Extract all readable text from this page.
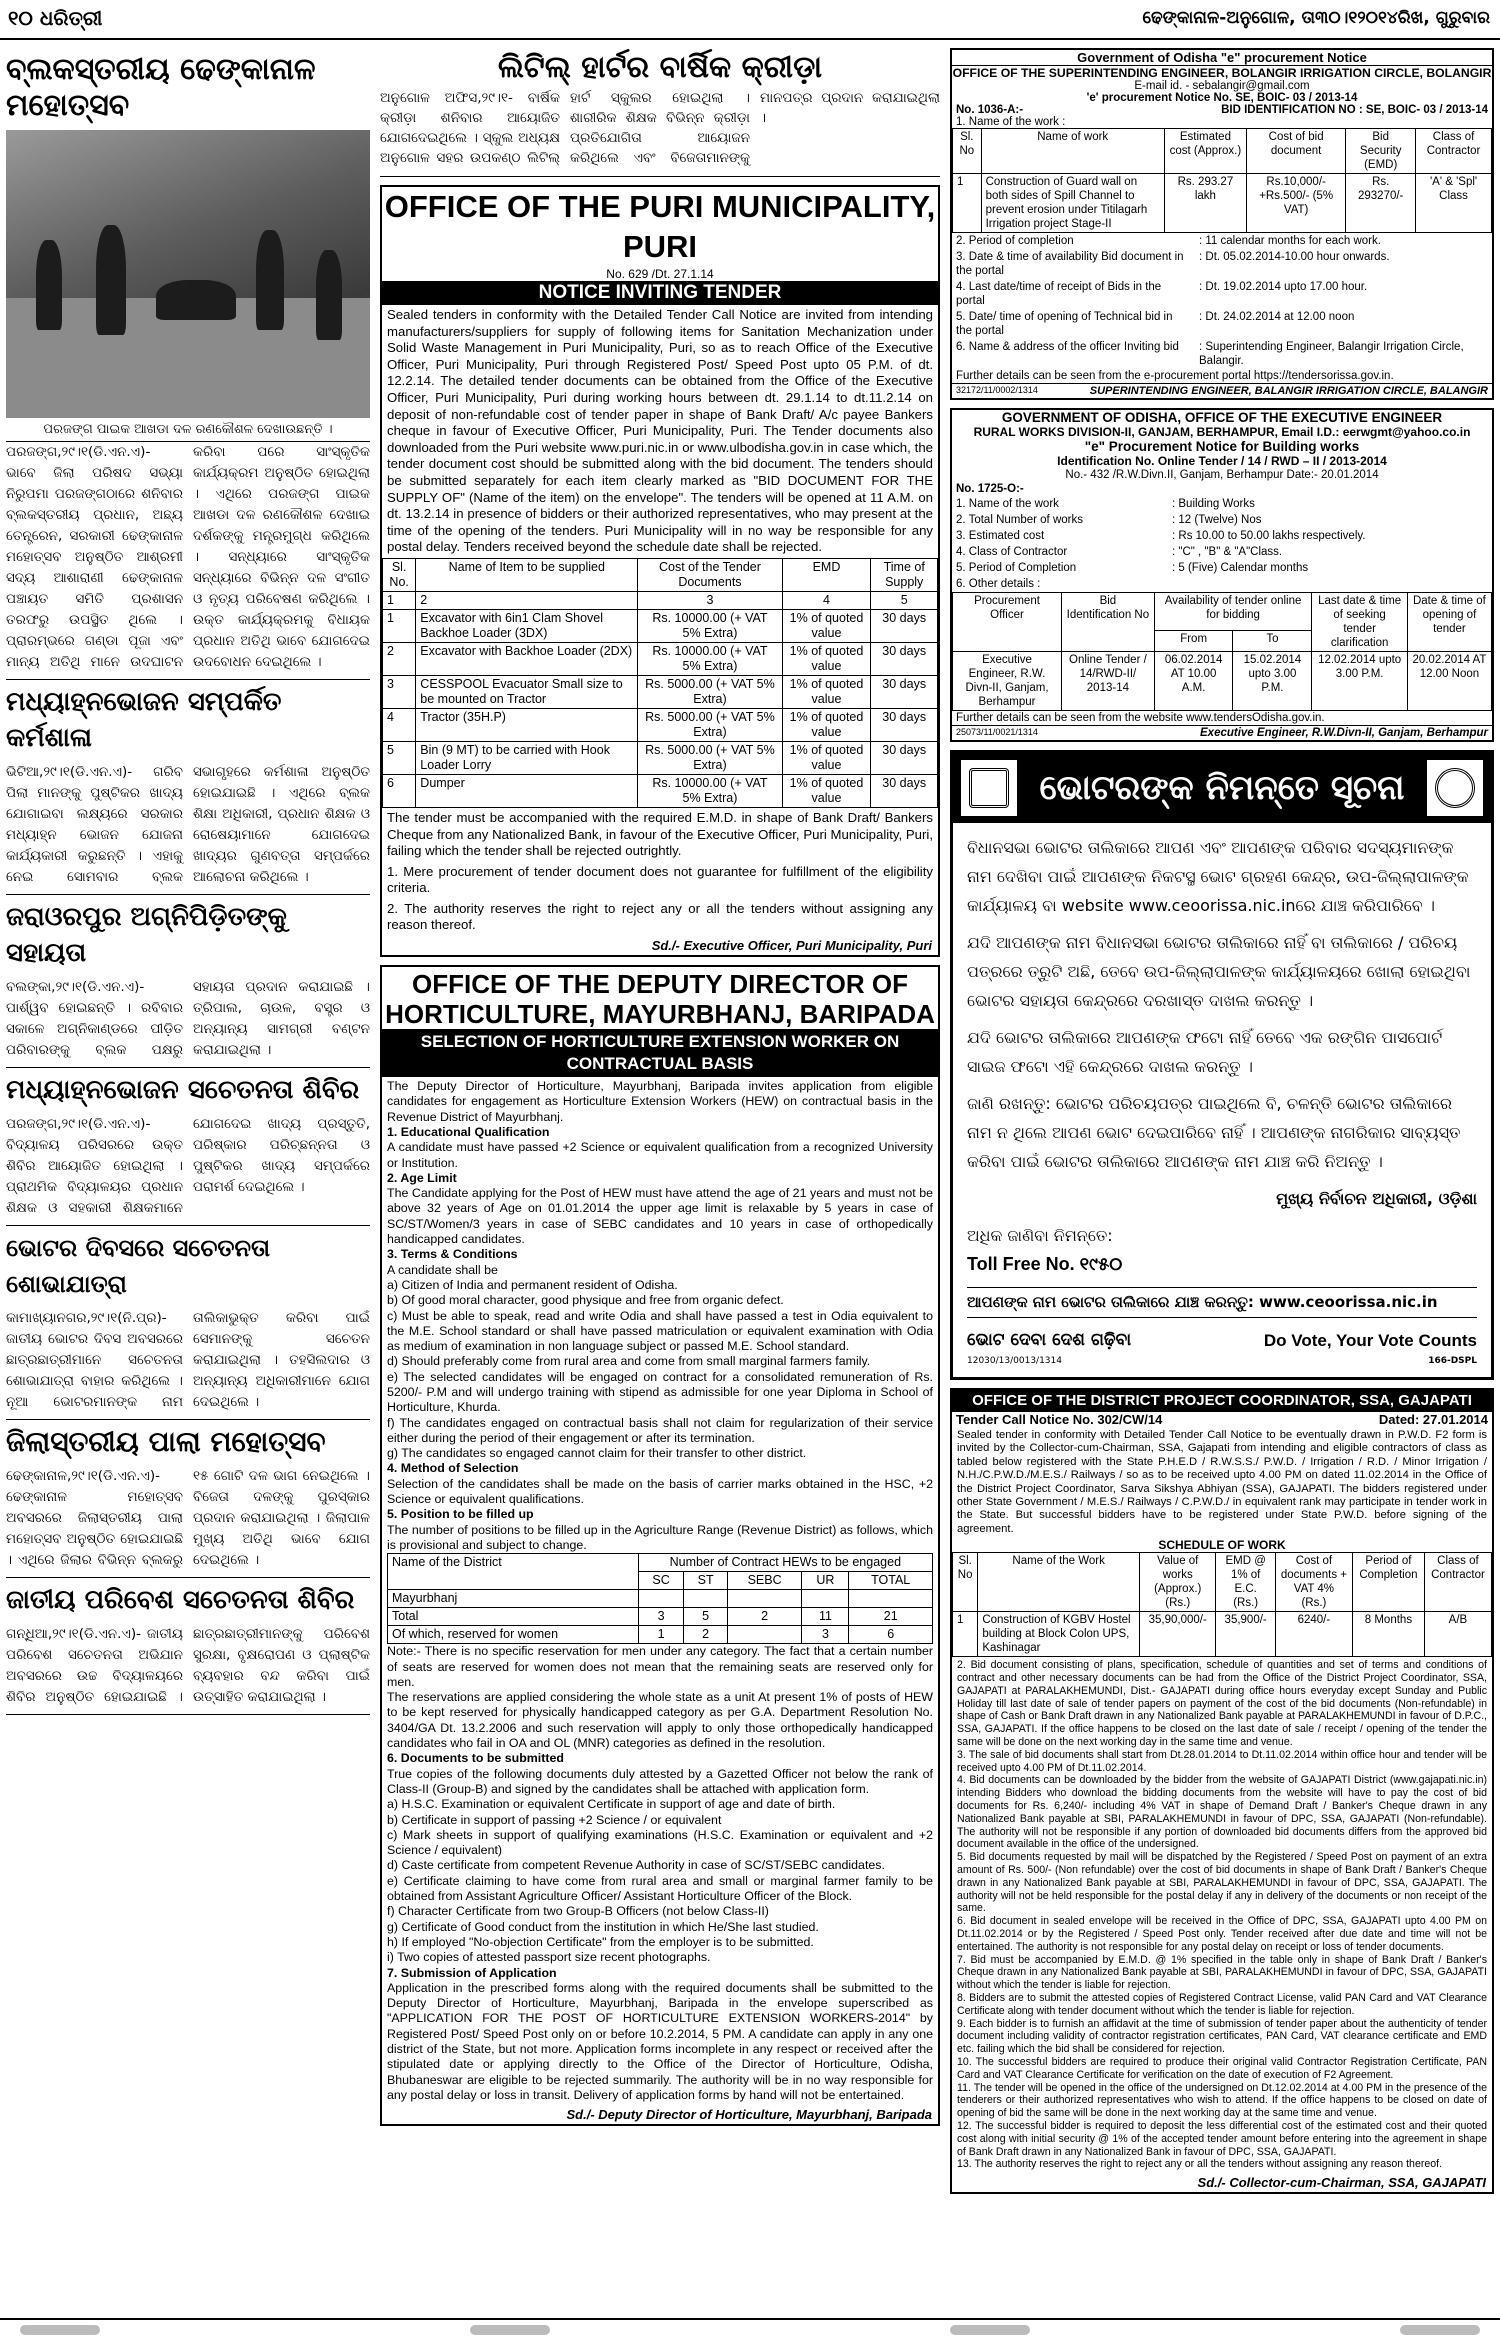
୧୦ ଧରିତ୍ରୀ	ଢେଙ୍କାନାଳ-ଅନୁଗୋଳ, ତା୩୦।୧୨୦୧୪ରିଖ, ଗୁରୁବାର
ବ୍ଲକସ୍ତରୀୟ ଢେଙ୍କାନାଳ ମହୋତ୍ସବ
ପରଜଙ୍ଗ ପାଇକ ଆଖଡା ଦଳ ରଣକୌଶଳ ଦେଖାଉଛନ୍ତି ।
ପରଜଙ୍ଗ,୨୯।୧(ଡି.ଏନ.ଏ)- ଭାବେ ଜିଲା ପରିଷଦ ସଭ୍ୟା ନିରୁପମା ପରଜଙ୍ଗଠାରେ ଶନିବାର ବ୍ଲକସ୍ତରୀୟ ପ୍ରଧାନ, ଅଛ୍ୟ ତେନ୍ତ୍ରେନ, ସରକାରୀ ଢେଙ୍କାନାଳ ମହୋତ୍ସବ ଅନୁଷ୍ଠିତ ଆଶ୍ରମୀ ସଦ୍ୟ ଆଶାରାଣୀ ଢେଙ୍କାନାଳ ପଞ୍ଚାୟତ ସମିତି ପ୍ରଶାସନ ତରଫରୁ ଉପସ୍ଥିତ ଥିଲେ । ପ୍ରାରମ୍ଭରେ ଗଣ୍ଡା ପୂଜା ଏବଂ ମାନ୍ୟ ଅତିଥି ମାନେ ଉଦଘାଟନ କରିବା ପରେ ସାଂସ୍କୃତିକ କାର୍ଯ୍ୟକ୍ରମ ଅନୁଷ୍ଠିତ ହୋଇଥିଲା । ଏଥିରେ ପରଜଙ୍ଗ ପାଇକ ଆଖଡା ଦଳ ରଣକୌଶଳ ଦେଖାଇ ଦର୍ଶକଙ୍କୁ ମନ୍ତ୍ରମୁଗ୍ଧ କରିଥିଲେ । ସନ୍ଧ୍ୟାରେ ସାଂସ୍କୃତିକ ସନ୍ଧ୍ୟାରେ ବିଭିନ୍ନ ଦଳ ସଂଗୀତ ଓ ନୃତ୍ୟ ପରିବେଷଣ କରିଥିଲେ । ଉକ୍ତ କାର୍ଯ୍ୟକ୍ରମକୁ ବିଧାୟକ ପ୍ରଧାନ ଅତିଥି ଭାବେ ଯୋଗଦେଇ ଉଦବୋଧନ ଦେଇଥିଲେ ।
ମଧ୍ୟାହ୍ନଭୋଜନ ସମ୍ପର୍କିତ କର୍ମଶାଳା
ଭିଟିଆ,୨୯।୧(ଡି.ଏନ.ଏ)- ଗରିବ ପିଲା ମାନଙ୍କୁ ପୁଷ୍ଟିକର ଖାଦ୍ୟ ଯୋଗାଇବା ଲକ୍ଷ୍ୟରେ ସରକାର ମଧ୍ୟାହ୍ନ ଭୋଜନ ଯୋଜନା କାର୍ଯ୍ୟକାରୀ କରୁଛନ୍ତି । ଏହାକୁ ନେଇ ସୋମବାର ବ୍ଲକ ସଭାଗୃହରେ କର୍ମଶାଳା ଅନୁଷ୍ଠିତ ହୋଇଯାଇଛି । ଏଥିରେ ବ୍ଲକ ଶିକ୍ଷା ଅଧିକାରୀ, ପ୍ରଧାନ ଶିକ୍ଷକ ଓ ରୋଷେୟାମାନେ ଯୋଗଦେଇ ଖାଦ୍ୟର ଗୁଣବତ୍ତା ସମ୍ପର୍କରେ ଆଲୋଚନା କରିଥିଲେ ।
ଜରାଓରପୁର ଅଗ୍ନିପିଡ଼ିତଙ୍କୁ ସହାୟତା
ବଲଙ୍କା,୨୯।୧(ଡି.ଏନ.ଏ)- ପାର୍ଶ୍ୱବ ହୋଇଛନ୍ତି । ରବିବାର ସକାଳେ ଅଗ୍ନିକାଣ୍ଡରେ ପୀଡ଼ିତ ପରିବାରଙ୍କୁ ବ୍ଲକ ପକ୍ଷରୁ ସହାୟତା ପ୍ରଦାନ କରାଯାଇଛି । ତ୍ରିପାଲ, ଚାଉଳ, ବସ୍ତ୍ର ଓ ଅନ୍ୟାନ୍ୟ ସାମଗ୍ରୀ ବଣ୍ଟନ କରାଯାଇଥିଲା ।
ମଧ୍ୟାହ୍ନଭୋଜନ ସଚେତନତା ଶିବିର
ପରଜଙ୍ଗ,୨୯।୧(ଡି.ଏନ.ଏ)- ବିଦ୍ୟାଳୟ ପରିସରରେ ଉକ୍ତ ଶିବିର ଆୟୋଜିତ ହୋଇଥିଲା । ପ୍ରାଥମିକ ବିଦ୍ୟାଳୟର ପ୍ରଧାନ ଶିକ୍ଷକ ଓ ସହକାରୀ ଶିକ୍ଷକମାନେ ଯୋଗଦେଇ ଖାଦ୍ୟ ପ୍ରସ୍ତୁତି, ପରିଷ୍କାର ପରିଚ୍ଛନ୍ନତା ଓ ପୁଷ୍ଟିକର ଖାଦ୍ୟ ସମ୍ପର୍କରେ ପରାମର୍ଶ ଦେଇଥିଲେ ।
ଭୋଟର ଦିବସରେ ସଚେତନତା ଶୋଭାଯାତ୍ରା
କାମାଖ୍ୟାନଗର,୨୯।୧(ନି.ପ୍ର)- ଜାତୀୟ ଭୋଟର ଦିବସ ଅବସରରେ ଛାତ୍ରଛାତ୍ରୀମାନେ ସଚେତନତା ଶୋଭାଯାତ୍ରା ବାହାର କରିଥିଲେ । ନୂଆ ଭୋଟରମାନଙ୍କ ନାମ ତାଲିକାଭୁକ୍ତ କରିବା ପାଇଁ ସେମାନଙ୍କୁ ସଚେତନ କରାଯାଇଥିଲା । ତହସିଲଦାର ଓ ଅନ୍ୟାନ୍ୟ ଅଧିକାରୀମାନେ ଯୋଗ ଦେଇଥିଲେ ।
ଜିଲାସ୍ତରୀୟ ପାଲା ମହୋତ୍ସବ
ଢେଙ୍କାନାଳ,୨୯।୧(ଡି.ଏନ.ଏ)- ଢେଙ୍କାନାଳ ମହୋତ୍ସବ ଅବସରରେ ଜିଲାସ୍ତରୀୟ ପାଲା ମହୋତ୍ସବ ଅନୁଷ୍ଠିତ ହୋଇଯାଇଛି । ଏଥିରେ ଜିଲାର ବିଭିନ୍ନ ବ୍ଲକରୁ ୧୫ ଗୋଟି ଦଳ ଭାଗ ନେଇଥିଲେ । ବିଜେତା ଦଳଙ୍କୁ ପୁରସ୍କାର ପ୍ରଦାନ କରାଯାଇଥିଲା । ଜିଲାପାଳ ମୁଖ୍ୟ ଅତିଥି ଭାବେ ଯୋଗ ଦେଇଥିଲେ ।
ଜାତୀୟ ପରିବେଶ ସଚେତନତା ଶିବିର
ଗନ୍ଧିଆ,୨୯।୧(ଡି.ଏନ.ଏ)- ଜାତୀୟ ପରିବେଶ ସଚେତନତା ଅଭିଯାନ ଅବସରରେ ଉଚ୍ଚ ବିଦ୍ୟାଳୟରେ ଶିବିର ଅନୁଷ୍ଠିତ ହୋଇଯାଇଛି । ଛାତ୍ରଛାତ୍ରୀମାନଙ୍କୁ ପରିବେଶ ସୁରକ୍ଷା, ବୃକ୍ଷରୋପଣ ଓ ପ୍ଲାଷ୍ଟିକ ବ୍ୟବହାର ବନ୍ଦ କରିବା ପାଇଁ ଉତ୍ସାହିତ କରାଯାଇଥିଲା ।
ଲିଟିଲ୍ ହାର୍ଟର ବାର୍ଷିକ କ୍ରୀଡ଼ା
ଅନୁଗୋଳ ଅଫିସ,୨୯।୧- ବାର୍ଷିକ କ୍ରୀଡ଼ା ଶନିବାର ଆୟୋଜିତ ଯୋଗଦେଇଥିଲେ । ସ୍କୁଲ ଅଧ୍ୟକ୍ଷ ଅନୁଗୋଳ ସହର ଉପକଣ୍ଠ ଲିଟିଲ୍ ହାର୍ଟ ସ୍କୁଲର ହୋଇଥିଲା । ଶାରୀରିକ ଶିକ୍ଷକ ବିଭିନ୍ନ କ୍ରୀଡ଼ା ପ୍ରତିଯୋଗିତା ଆୟୋଜନ କରିଥିଲେ ଏବଂ ବିଜେତାମାନଙ୍କୁ ମାନପତ୍ର ପ୍ରଦାନ କରାଯାଇଥିଲା ।
OFFICE OF THE PURI MUNICIPALITY, PURI
No. 629 /Dt. 27.1.14
NOTICE INVITING TENDER
Sealed tenders in conformity with the Detailed Tender Call Notice are invited from intending manufacturers/suppliers for supply of following items for Sanitation Mechanization under Solid Waste Management in Puri Municipality, Puri, so as to reach Office of the Executive Officer, Puri Municipality, Puri through Registered Post/ Speed Post upto 05 P.M. of dt. 12.2.14. The detailed tender documents can be obtained from the Office of the Executive Officer, Puri Municipality, Puri during working hours between dt. 29.1.14 to dt.11.2.14 on deposit of non-refundable cost of tender paper in shape of Bank Draft/ A/c payee Bankers cheque in favour of Executive Officer, Puri Municipality, Puri. The Tender documents also downloaded from the Puri website www.puri.nic.in or www.ulbodisha.gov.in in case which, the tender document cost should be submitted along with the bid document. The tenders should be submitted separately for each item clearly marked as "BID DOCUMENT FOR THE SUPPLY OF" (Name of the item) on the envelope". The tenders will be opened at 11 A.M. on dt. 13.2.14 in presence of bidders or their authorized representatives, who may present at the time of the opening of the tenders. Puri Municipality will in no way be responsible for any postal delay. Tenders received beyond the schedule date shall be rejected.
Sl. No.	Name of Item to be supplied	Cost of the Tender Documents	EMD	Time of Supply
1	2	3	4	5
1	Excavator with 6in1 Clam Shovel Backhoe Loader (3DX)	Rs. 10000.00 (+ VAT 5% Extra)	1% of quoted value	30 days
2	Excavator with Backhoe Loader (2DX)	Rs. 10000.00 (+ VAT 5% Extra)	1% of quoted value	30 days
3	CESSPOOL Evacuator Small size to be mounted on Tractor	Rs. 5000.00 (+ VAT 5% Extra)	1% of quoted value	30 days
4	Tractor (35H.P)	Rs. 5000.00 (+ VAT 5% Extra)	1% of quoted value	30 days
5	Bin (9 MT) to be carried with Hook Loader Lorry	Rs. 5000.00 (+ VAT 5% Extra)	1% of quoted value	30 days
6	Dumper	Rs. 10000.00 (+ VAT 5% Extra)	1% of quoted value	30 days
The tender must be accompanied with the required E.M.D. in shape of Bank Draft/ Bankers Cheque from any Nationalized Bank, in favour of the Executive Officer, Puri Municipality, Puri, failing which the tender shall be rejected outrightly.
1. Mere procurement of tender document does not guarantee for fulfillment of the eligibility criteria.
2. The authority reserves the right to reject any or all the tenders without assigning any reason thereof.
Sd./- Executive Officer, Puri Municipality, Puri
OFFICE OF THE DEPUTY DIRECTOR OF
HORTICULTURE, MAYURBHANJ, BARIPADA
SELECTION OF HORTICULTURE EXTENSION WORKER ON CONTRACTUAL BASIS
The Deputy Director of Horticulture, Mayurbhanj, Baripada invites application from eligible candidates for engagement as Horticulture Extension Workers (HEW) on contractual basis in the Revenue District of Mayurbhanj.
1. Educational Qualification
A candidate must have passed +2 Science or equivalent qualification from a recognized University or Institution.
2. Age Limit
The Candidate applying for the Post of HEW must have attend the age of 21 years and must not be above 32 years of Age on 01.01.2014 the upper age limit is relaxable by 5 years in case of SC/ST/Women/3 years in case of SEBC candidates and 10 years in case of orthopedically handicapped candidates.
3. Terms & Conditions
A candidate shall be
a) Citizen of India and permanent resident of Odisha.
b) Of good moral character, good physique and free from organic defect.
c) Must be able to speak, read and write Odia and shall have passed a test in Odia equivalent to the M.E. School standard or shall have passed matriculation or equivalent examination with Odia as medium of examination in non language subject or passed M.E. School standard.
d) Should preferably come from rural area and come from small marginal farmers family.
e) The selected candidates will be engaged on contract for a consolidated remuneration of Rs. 5200/- P.M and will undergo training with stipend as admissible for one year Diploma in School of Horticulture, Khurda.
f) The candidates engaged on contractual basis shall not claim for regularization of their service either during the period of their engagement or after its termination.
g) The candidates so engaged cannot claim for their transfer to other district.
4. Method of Selection
Selection of the candidates shall be made on the basis of carrier marks obtained in the HSC, +2 Science or equivalent qualifications.
5. Position to be filled up
The number of positions to be filled up in the Agriculture Range (Revenue District) as follows, which is provisional and subject to change.
Name of the District	Number of Contract HEWs to be engaged				
	SC	ST	SEBC	UR	TOTAL
Mayurbhanj					
Total	3	5	2	11	21
Of which, reserved for women	1	2		3	6
Note:- There is no specific reservation for men under any category. The fact that a certain number of seats are reserved for women does not mean that the remaining seats are reserved only for men.
The reservations are applied considering the whole state as a unit At present 1% of posts of HEW to be kept reserved for physically handicapped category as per G.A. Department Resolution No. 3404/GA Dt. 13.2.2006 and such reservation will apply to only those orthopedically handicapped candidates who fail in OA and OL (MNR) categories as defined in the resolution.
6. Documents to be submitted
True copies of the following documents duly attested by a Gazetted Officer not below the rank of Class-II (Group-B) and signed by the candidates shall be attached with application form.
a) H.S.C. Examination or equivalent Certificate in support of age and date of birth.
b) Certificate in support of passing +2 Science / or equivalent
c) Mark sheets in support of qualifying examinations (H.S.C. Examination or equivalent and +2 Science / equivalent)
d) Caste certificate from competent Revenue Authority in case of SC/ST/SEBC candidates.
e) Certificate claiming to have come from rural area and small or marginal farmer family to be obtained from Assistant Agriculture Officer/ Assistant Horticulture Officer of the Block.
f) Character Certificate from two Group-B Officers (not below Class-II)
g) Certificate of Good conduct from the institution in which He/She last studied.
h) If employed "No-objection Certificate" from the employer is to be submitted.
i) Two copies of attested passport size recent photographs.
7. Submission of Application
Application in the prescribed forms along with the required documents shall be submitted to the Deputy Director of Horticulture, Mayurbhanj, Baripada in the envelope superscribed as "APPLICATION FOR THE POST OF HORTICULTURE EXTENSION WORKERS-2014" by Registered Post/ Speed Post only on or before 10.2.2014, 5 PM. A candidate can apply in any one district of the State, but not more. Application forms incomplete in any respect or received after the stipulated date or applying directly to the Office of the Director of Horticulture, Odisha, Bhubaneswar are eligible to be rejected summarily. The authority will be in no way responsible for any postal delay or loss in transit. Delivery of application forms by hand will not be entertained.
Sd./- Deputy Director of Horticulture, Mayurbhanj, Baripada
Government of Odisha "e" procurement Notice
OFFICE OF THE SUPERINTENDING ENGINEER, BOLANGIR IRRIGATION CIRCLE, BOLANGIR
E-mail id. - sebalangir@gmail.com
'e' procurement Notice No. SE, BOIC- 03 / 2013-14
No. 1036-A:-	BID IDENTIFICATION NO : SE, BOIC- 03 / 2013-14
1. Name of the work :
Sl. No	Name of work	Estimated cost (Approx.)	Cost of bid document	Bid Security (EMD)	Class of Contractor
1	Construction of Guard wall on both sides of Spill Channel to prevent erosion under Titilagarh Irrigation project Stage-II	Rs. 293.27 lakh	Rs.10,000/- +Rs.500/- (5% VAT)	Rs. 293270/-	'A' & 'Spl' Class
2. Period of completion	: 11 calendar months for each work.
3. Date & time of availability Bid document in the portal	: Dt. 05.02.2014-10.00 hour onwards.
4. Last date/time of receipt of Bids in the portal	: Dt. 19.02.2014 upto 17.00 hour.
5. Date/ time of opening of Technical bid in the portal	: Dt. 24.02.2014 at 12.00 noon
6. Name & address of the officer Inviting bid	: Superintending Engineer, Balangir Irrigation Circle, Balangir.
Further details can be seen from the e-procurement portal https://tendersorissa.gov.in.
32172/11/0002/1314	SUPERINTENDING ENGINEER, BALANGIR IRRIGATION CIRCLE, BALANGIR
GOVERNMENT OF ODISHA, OFFICE OF THE EXECUTIVE ENGINEER
RURAL WORKS DIVISION-II, GANJAM, BERHAMPUR, Email I.D.: eerwgmt@yahoo.co.in
"e" Procurement Notice for Building works
Identification No. Online Tender / 14 / RWD – II / 2013-2014
No.- 432 /R.W.Divn.II, Ganjam, Berhampur Date:- 20.01.2014
No. 1725-O:-
1. Name of the work	: Building Works
2. Total Number of works	: 12 (Twelve) Nos
3. Estimated cost	: Rs 10.00 to 50.00 lakhs respectively.
4. Class of Contractor	: "C" , "B" & "A"Class.
5. Period of Completion	: 5 (Five) Calendar months
6. Other details :	
Procurement Officer	Bid Identification No	Availability of tender online for bidding		Last date & time of seeking tender clarification	Date & time of opening of tender
		From	To		
Executive Engineer, R.W. Divn-II, Ganjam, Berhampur	Online Tender / 14/RWD-II/ 2013-14	06.02.2014 AT 10.00 A.M.	15.02.2014 upto 3.00 P.M.	12.02.2014 upto 3.00 P.M.	20.02.2014 AT 12.00 Noon
Further details can be seen from the website www.tendersOdisha.gov.in.
25073/11/0021/1314	Executive Engineer, R.W.Divn-II, Ganjam, Berhampur
ଭୋଟରଙ୍କ ନିମନ୍ତେ ସୂଚନା

ବିଧାନସଭା ଭୋଟର ତାଲିକାରେ ଆପଣ ଏବଂ ଆପଣଙ୍କ ପରିବାର ସଦସ୍ୟମାନଙ୍କ ନାମ ଦେଖିବା ପାଇଁ ଆପଣଙ୍କ ନିକଟସ୍ଥ ଭୋଟ ଗ୍ରହଣ କେନ୍ଦ୍ର, ଉପ-ଜିଲ୍ଲାପାଳଙ୍କ କାର୍ଯ୍ୟାଳୟ ବା website www.ceoorissa.nic.inରେ ଯାଞ୍ଚ କରିପାରିବେ ।

ଯଦି ଆପଣଙ୍କ ନାମ ବିଧାନସଭା ଭୋଟର ତାଲିକାରେ ନାହିଁ ବା ତାଲିକାରେ / ପରିଚୟ ପତ୍ରରେ ତ୍ରୁଟି ଅଛି, ତେବେ ଉପ-ଜିଲ୍ଲାପାଳଙ୍କ କାର୍ଯ୍ୟାଳୟରେ ଖୋଲା ହୋଇଥିବା ଭୋଟର ସହାୟତା କେନ୍ଦ୍ରରେ ଦରଖାସ୍ତ ଦାଖଲ କରନ୍ତୁ ।

ଯଦି ଭୋଟର ତାଲିକାରେ ଆପଣଙ୍କ ଫଟୋ ନାହିଁ ତେବେ ଏକ ରଙ୍ଗିନ ପାସପୋର୍ଟ ସାଇଜ ଫଟୋ ଏହି କେନ୍ଦ୍ରରେ ଦାଖଲ କରନ୍ତୁ ।

ଜାଣି ରଖନ୍ତୁ: ଭୋଟର ପରିଚୟପତ୍ର ପାଇଥିଲେ ବି, ଚଳନ୍ତି ଭୋଟର ତାଲିକାରେ ନାମ ନ ଥିଲେ ଆପଣ ଭୋଟ ଦେଇପାରିବେ ନାହିଁ । ଆପଣଙ୍କ ନାଗରିକାର ସାବ୍ୟସ୍ତ କରିବା ପାଇଁ ଭୋଟର ତାଲିକାରେ ଆପଣଙ୍କ ନାମ ଯାଞ୍ଚ କରି ନିଅନ୍ତୁ ।

ମୁଖ୍ୟ ନିର୍ବାଚନ ଅଧିକାରୀ, ଓଡ଼ିଶା

ଅଧିକ ଜାଣିବା ନିମନ୍ତେ:

Toll Free No. ୧୯୫୦

ଆପଣଙ୍କ ନାମ ଭୋଟର ତାଲିକାରେ ଯାଞ୍ଚ କରନ୍ତୁ: www.ceoorissa.nic.in

ଭୋଟ ଦେବା ଦେଶ ଗଢ଼ିବା	Do Vote, Your Vote Counts
12030/13/0013/1314	166-DSPL
OFFICE OF THE DISTRICT PROJECT COORDINATOR, SSA, GAJAPATI
Tender Call Notice No. 302/CW/14	Dated: 27.01.2014
Sealed tender in conformity with Detailed Tender Call Notice to be eventually drawn in P.W.D. F2 form is invited by the Collector-cum-Chairman, SSA, Gajapati from intending and eligible contractors of class as tabled below registered with the State P.H.E.D / R.W.S.S./ P.W.D. / Irrigation / R.D. / Minor Irrigation / N.H./C.P.W.D./M.E.S./ Railways / so as to be received upto 4.00 PM on dated 11.02.2014 in the Office of the District Project Coordinator, Sarva Sikshya Abhiyan (SSA), GAJAPATI. The bidders registered under other State Government / M.E.S./ Railways / C.P.W.D./ in equivalent rank may participate in tender work in the State. But successful bidders have to be registered under State P.W.D. before signing of the agreement.
SCHEDULE OF WORK
Sl. No	Name of the Work	Value of works (Approx.) (Rs.)	EMD @ 1% of E.C. (Rs.)	Cost of documents + VAT 4% (Rs.)	Period of Completion	Class of Contractor
1	Construction of KGBV Hostel building at Block Colon UPS, Kashinagar	35,90,000/-	35,900/-	6240/-	8 Months	A/B
2. Bid document consisting of plans, specification, schedule of quantities and set of terms and conditions of contract and other necessary documents can be had from the Office of the District Project Coordinator, SSA, GAJAPATI at PARALAKHEMUNDI, Dist.- GAJAPATI during office hours everyday except Sunday and Public Holiday till last date of sale of tender papers on payment of the cost of the bid documents (Non-refundable) in shape of Cash or Bank Draft drawn in any Nationalized Bank payable at PARALAKHEMUNDI in favour of D.P.C., SSA, GAJAPATI. If the office happens to be closed on the last date of sale / receipt / opening of the tender the same will be done on the next working day in the same time and venue.
3. The sale of bid documents shall start from Dt.28.01.2014 to Dt.11.02.2014 within office hour and tender will be received upto 4.00 PM of Dt.11.02.2014.
4. Bid documents can be downloaded by the bidder from the website of GAJAPATI District (www.gajapati.nic.in) intending Bidders who download the bidding documents from the website will have to pay the cost of bid documents for Rs. 6,240/- including 4% VAT in shape of Demand Draft / Banker's Cheque drawn in any Nationalized Bank payable at SBI, PARALAKHEMUNDI in favour of DPC, SSA, GAJAPATI (Non-refundable). The authority will not be responsible if any portion of downloaded bid documents differs from the approved bid document available in the office of the undersigned.
5. Bid documents requested by mail will be dispatched by the Registered / Speed Post on payment of an extra amount of Rs. 500/- (Non refundable) over the cost of bid documents in shape of Bank Draft / Banker's Cheque drawn in any Nationalized Bank payable at SBI, PARALAKHEMUNDI in favour of DPC, SSA, GAJAPATI. The authority will not be held responsible for the postal delay if any in delivery of the documents or non receipt of the same.
6. Bid document in sealed envelope will be received in the Office of DPC, SSA, GAJAPATI upto 4.00 PM on Dt.11.02.2014 or by the Registered / Speed Post only. Tender received after due date and time will not be entertained. The authority is not responsible for any postal delay on receipt or loss of tender documents.
7. Bid must be accompanied by E.M.D. @ 1% specified in the table only in shape of Bank Draft / Banker's Cheque drawn in any Nationalized Bank payable at SBI, PARALAKHEMUNDI in favour of DPC, SSA, GAJAPATI without which the tender is liable for rejection.
8. Bidders are to submit the attested copies of Registered Contract License, valid PAN Card and VAT Clearance Certificate along with tender document without which the tender is liable for rejection.
9. Each bidder is to furnish an affidavit at the time of submission of tender paper about the authenticity of tender document including validity of contractor registration certificates, PAN Card, VAT clearance certificate and EMD etc. failing which the bid shall be considered for rejection.
10. The successful bidders are required to produce their original valid Contractor Registration Certificate, PAN Card and VAT Clearance Certificate for verification on the date of execution of F2 Agreement.
11. The tender will be opened in the office of the undersigned on Dt.12.02.2014 at 4.00 PM in the presence of the tenderers or their authorized representatives who wish to attend. If the office happens to be closed on date of opening of bid the same will be done in the next working day at the same time and venue.
12. The successful bidder is required to deposit the less differential cost of the estimated cost and their quoted cost along with initial security @ 1% of the accepted tender amount before entering into the agreement in shape of Bank Draft drawn in any Nationalized Bank in favour of DPC, SSA, GAJAPATI.
13. The authority reserves the right to reject any or all the tenders without assigning any reason thereof.
Sd./- Collector-cum-Chairman, SSA, GAJAPATI
